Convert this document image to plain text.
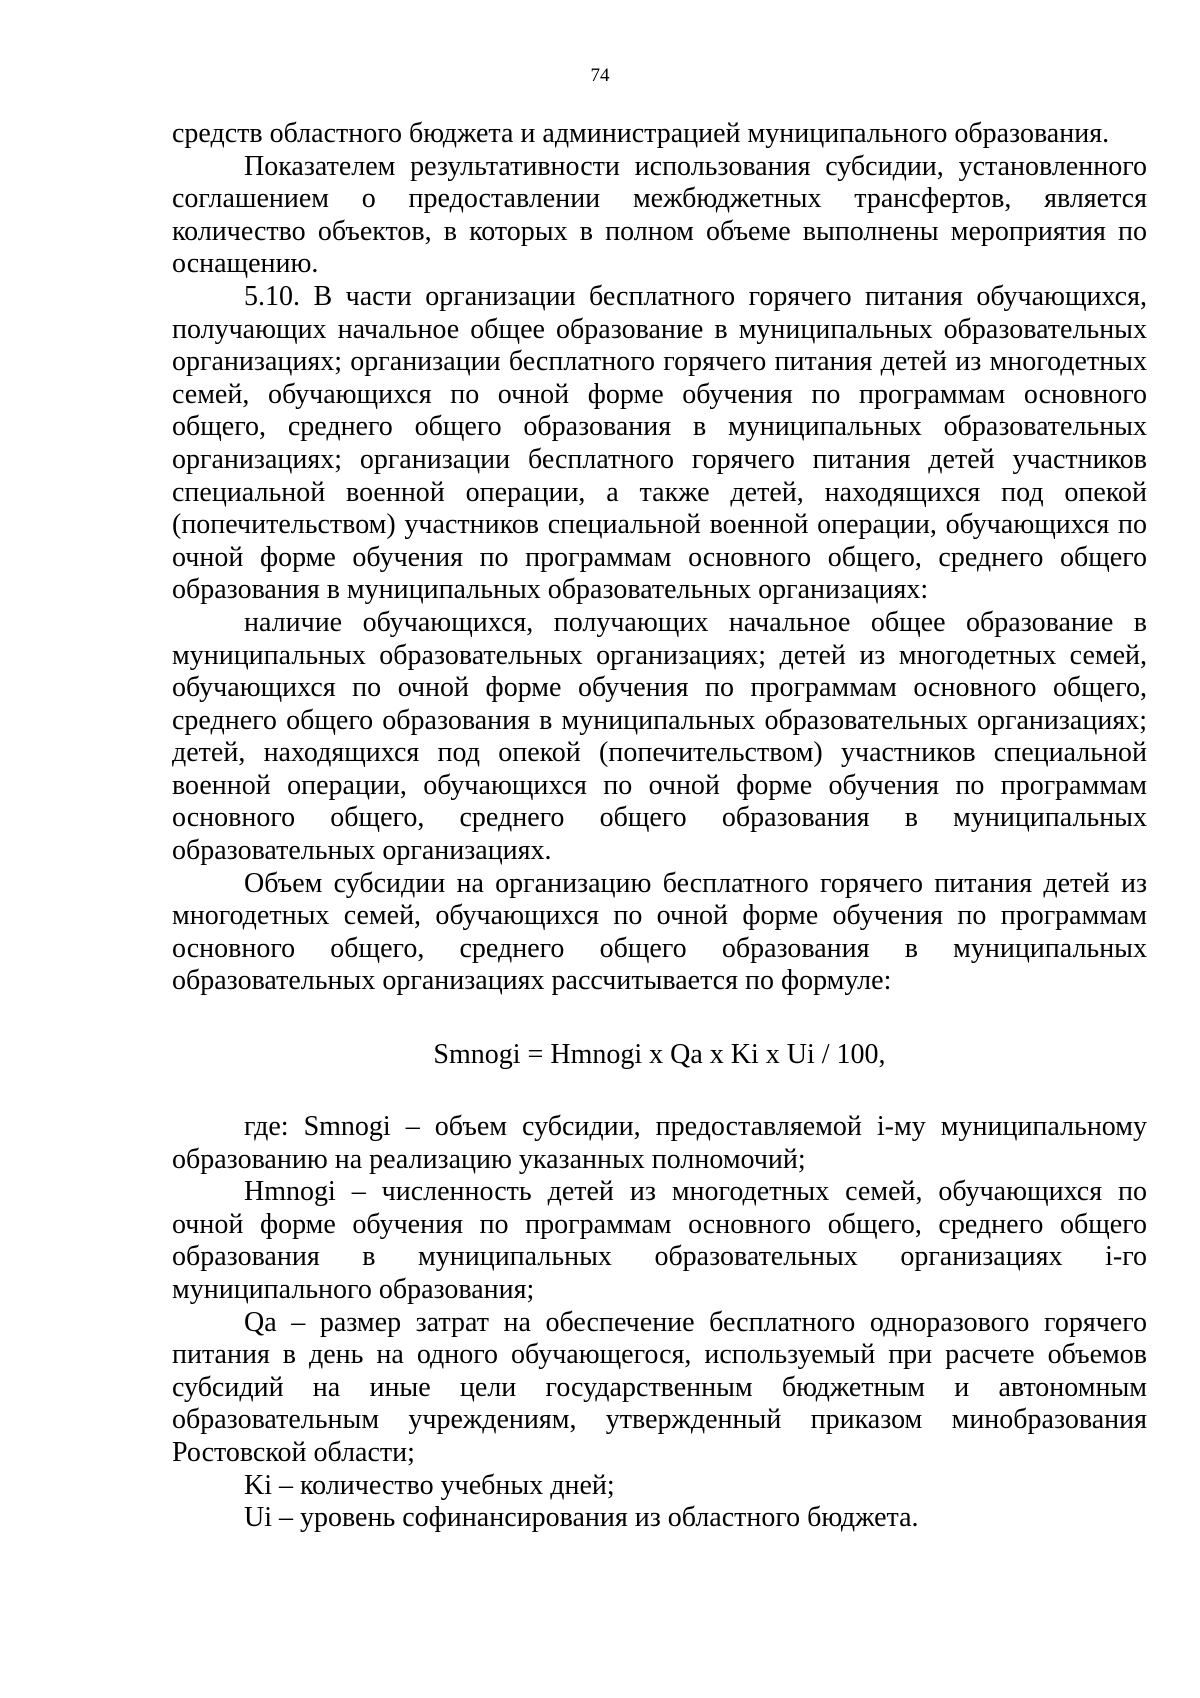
74

средств областного бюджета и администрацией муниципального образования.

Показателем результативности использования субсидии, установленного соглашением о предоставлении межбюджетных трансфертов, является количество объектов, в которых в полном объеме выполнены мероприятия по оснащению.

5.10. В части организации бесплатного горячего питания обучающихся, получающих начальное общее образование в муниципальных образовательных организациях; организации бесплатного горячего питания детей из многодетных семей, обучающихся по очной форме обучения по программам основного общего, среднего общего образования в муниципальных образовательных организациях; организации бесплатного горячего питания детей участников специальной военной операции, а также детей, находящихся под опекой (попечительством) участников специальной военной операции, обучающихся по очной форме обучения по программам основного общего, среднего общего образования в муниципальных образовательных организациях:

наличие обучающихся, получающих начальное общее образование в муниципальных образовательных организациях; детей из многодетных семей, обучающихся по очной форме обучения по программам основного общего, среднего общего образования в муниципальных образовательных организациях; детей, находящихся под опекой (попечительством) участников специальной военной операции, обучающихся по очной форме обучения по программам основного общего, среднего общего образования в муниципальных образовательных организациях.

Объем субсидии на организацию бесплатного горячего питания детей из многодетных семей, обучающихся по очной форме обучения по программам основного общего, среднего общего образования в муниципальных образовательных организациях рассчитывается по формуле:

Smnogi = Hmnogi x Qa x Ki x Ui / 100,

где: Smnogi – объем субсидии, предоставляемой i-му муниципальному образованию на реализацию указанных полномочий;

Hmnogi – численность детей из многодетных семей, обучающихся по очной форме обучения по программам основного общего, среднего общего образования в муниципальных образовательных организациях i-го муниципального образования;

Qa – размер затрат на обеспечение бесплатного одноразового горячего питания в день на одного обучающегося, используемый при расчете объемов субсидий на иные цели государственным бюджетным и автономным образовательным учреждениям, утвержденный приказом минобразования Ростовской области;

Ki – количество учебных дней;

Ui – уровень софинансирования из областного бюджета.
